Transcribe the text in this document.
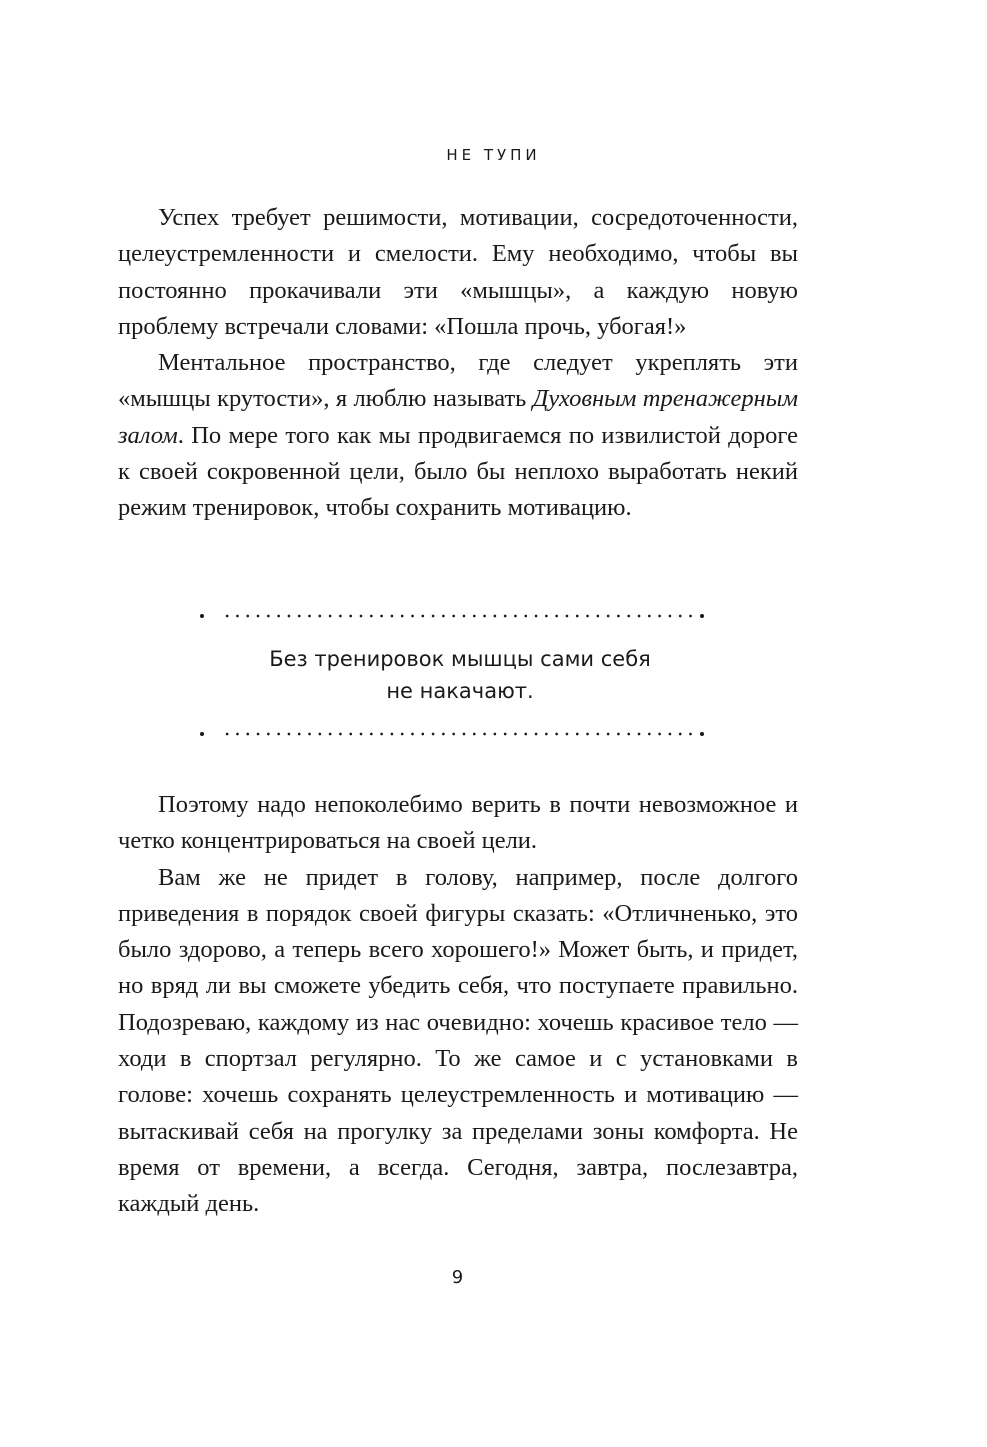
НЕ ТУПИ

Успех требует решимости, мотивации, сосредоточенности, целеустремленности и смелости. Ему необходимо, чтобы вы постоянно прокачивали эти «мышцы», а каждую новую проблему встречали словами: «Пошла прочь, убогая!»

Ментальное пространство, где следует укреплять эти «мышцы крутости», я люблю называть Духовным тренажерным залом. По мере того как мы продвигаемся по извилистой дороге к своей сокровенной цели, было бы неплохо выработать некий режим тренировок, чтобы сохранить мотивацию.

Без тренировок мышцы сами себя
не накачают.

Поэтому надо непоколебимо верить в почти невозможное и четко концентрироваться на своей цели.

Вам же не придет в голову, например, после долгого приведения в порядок своей фигуры сказать: «Отличненько, это было здорово, а теперь всего хорошего!» Может быть, и придет, но вряд ли вы сможете убедить себя, что поступаете правильно. Подозреваю, каждому из нас очевидно: хочешь красивое тело — ходи в спортзал регулярно. То же самое и с установками в голове: хочешь сохранять целеустремленность и мотивацию — вытаскивай себя на прогулку за пределами зоны комфорта. Не время от времени, а всегда. Сегодня, завтра, послезавтра, каждый день.

9
